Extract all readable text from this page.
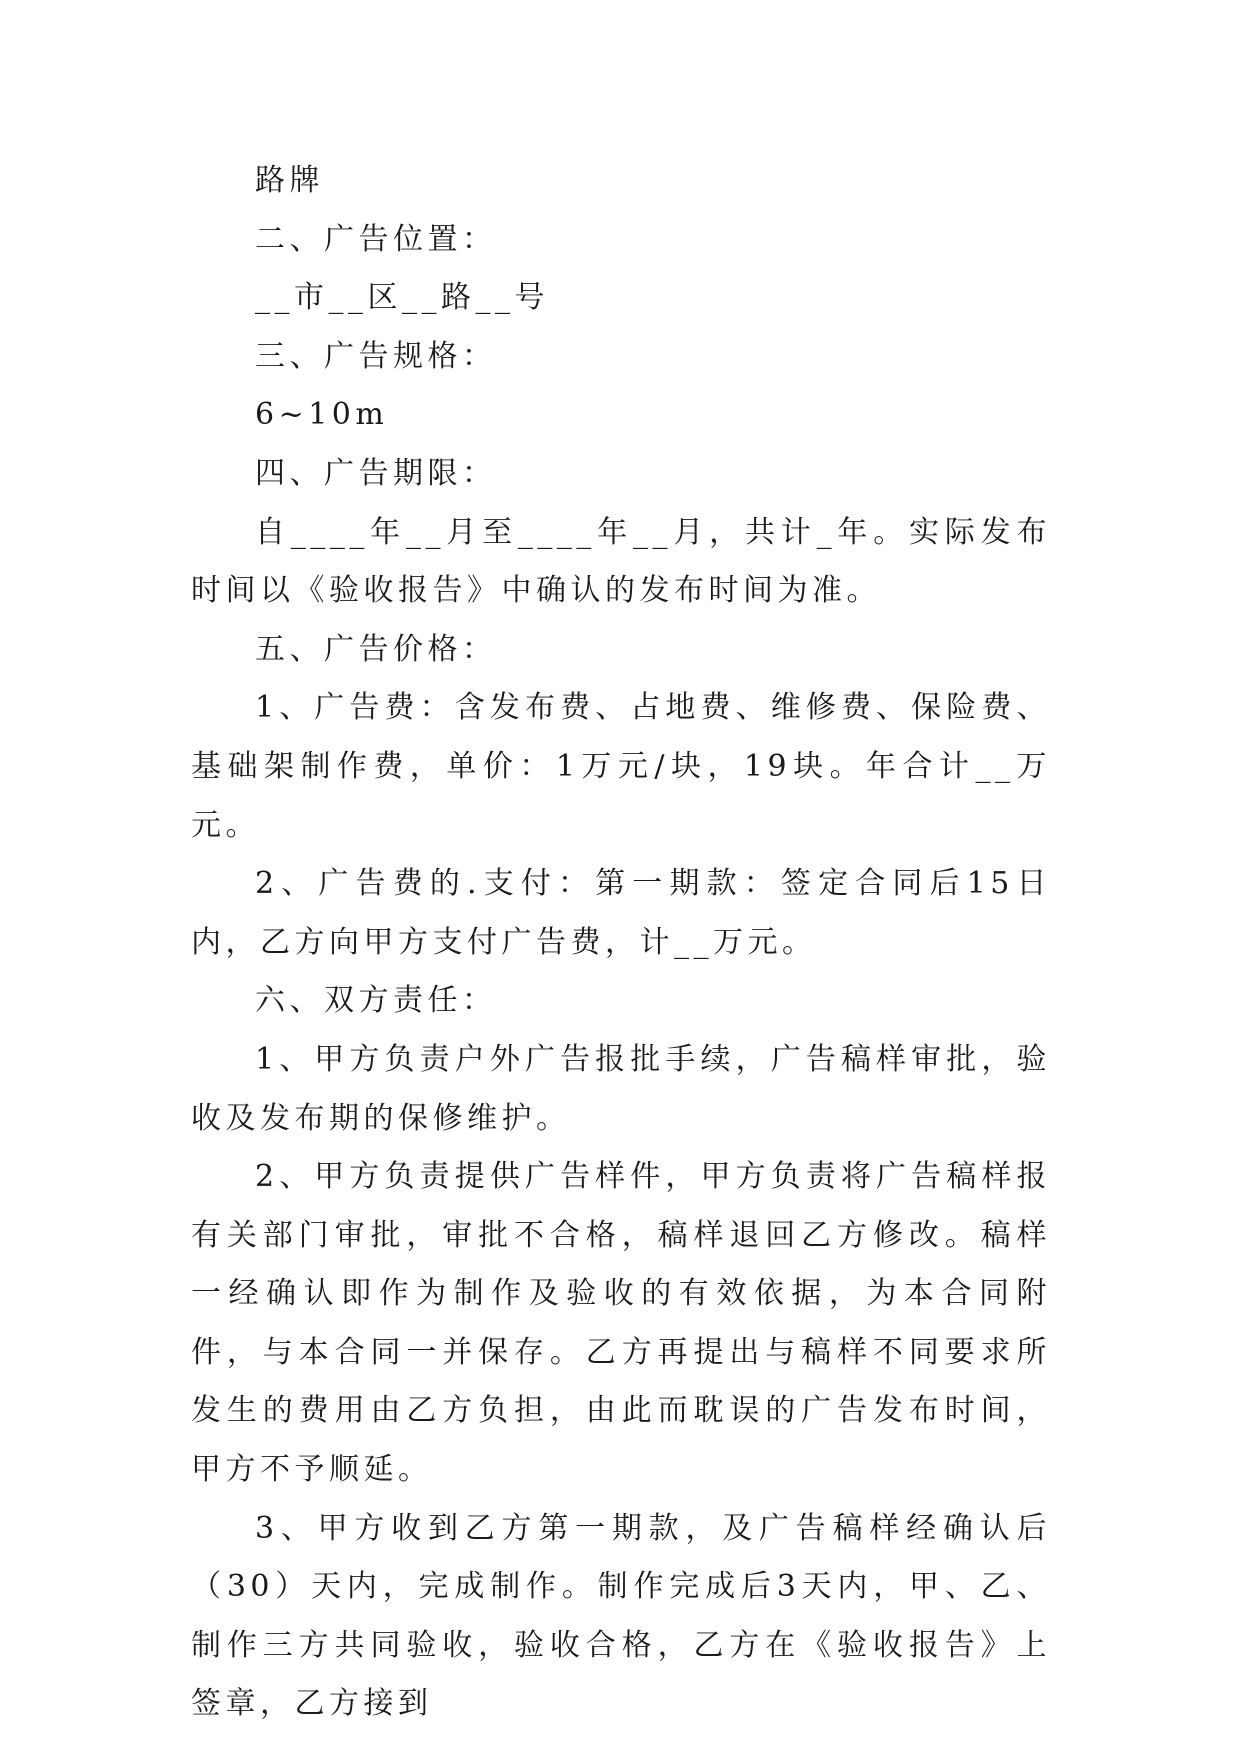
路牌

二、广告位置：

__市__区__路__号

三、广告规格：

6~10m

四、广告期限：

自____年__月至____年__月，共计_年。实际发布时间以《验收报告》中确认的发布时间为准。

五、广告价格：

1、广告费：含发布费、占地费、维修费、保险费、基础架制作费，单价：1万元/块，19块。年合计__万元。

2、广告费的.支付：第一期款：签定合同后15日内，乙方向甲方支付广告费，计__万元。

六、双方责任：

1、甲方负责户外广告报批手续，广告稿样审批，验收及发布期的保修维护。

2、甲方负责提供广告样件，甲方负责将广告稿样报有关部门审批，审批不合格，稿样退回乙方修改。稿样一经确认即作为制作及验收的有效依据，为本合同附件，与本合同一并保存。乙方再提出与稿样不同要求所发生的费用由乙方负担，由此而耽误的广告发布时间，甲方不予顺延。

3、甲方收到乙方第一期款，及广告稿样经确认后（30）天内，完成制作。制作完成后3天内，甲、乙、制作三方共同验收，验收合格，乙方在《验收报告》上签章，乙方接到
